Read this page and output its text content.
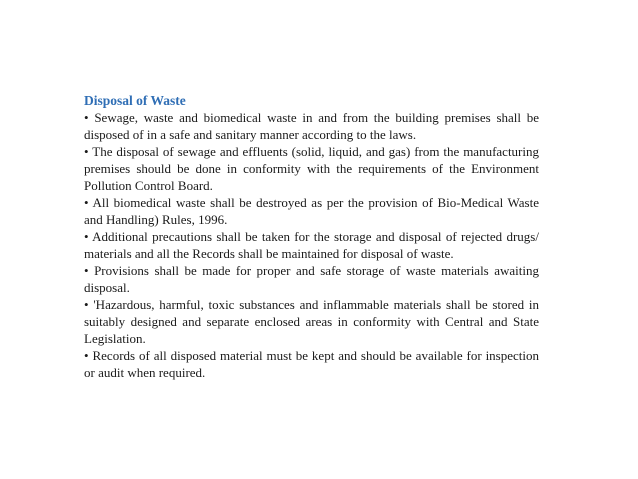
Disposal of Waste
• Sewage, waste and biomedical waste in and from the building premises shall be disposed of in a safe and sanitary manner according to the laws.
• The disposal of sewage and effluents (solid, liquid, and gas) from the manufacturing premises should be done in conformity with the requirements of the Environment Pollution Control Board.
• All biomedical waste shall be destroyed as per the provision of Bio-Medical Waste and Handling) Rules, 1996.
• Additional precautions shall be taken for the storage and disposal of rejected drugs/ materials and all the Records shall be maintained for disposal of waste.
• Provisions shall be made for proper and safe storage of waste materials awaiting disposal.
• 'Hazardous, harmful, toxic substances and inflammable materials shall be stored in suitably designed and separate enclosed areas in conformity with Central and State Legislation.
• Records of all disposed material must be kept and should be available for inspection or audit when required.
